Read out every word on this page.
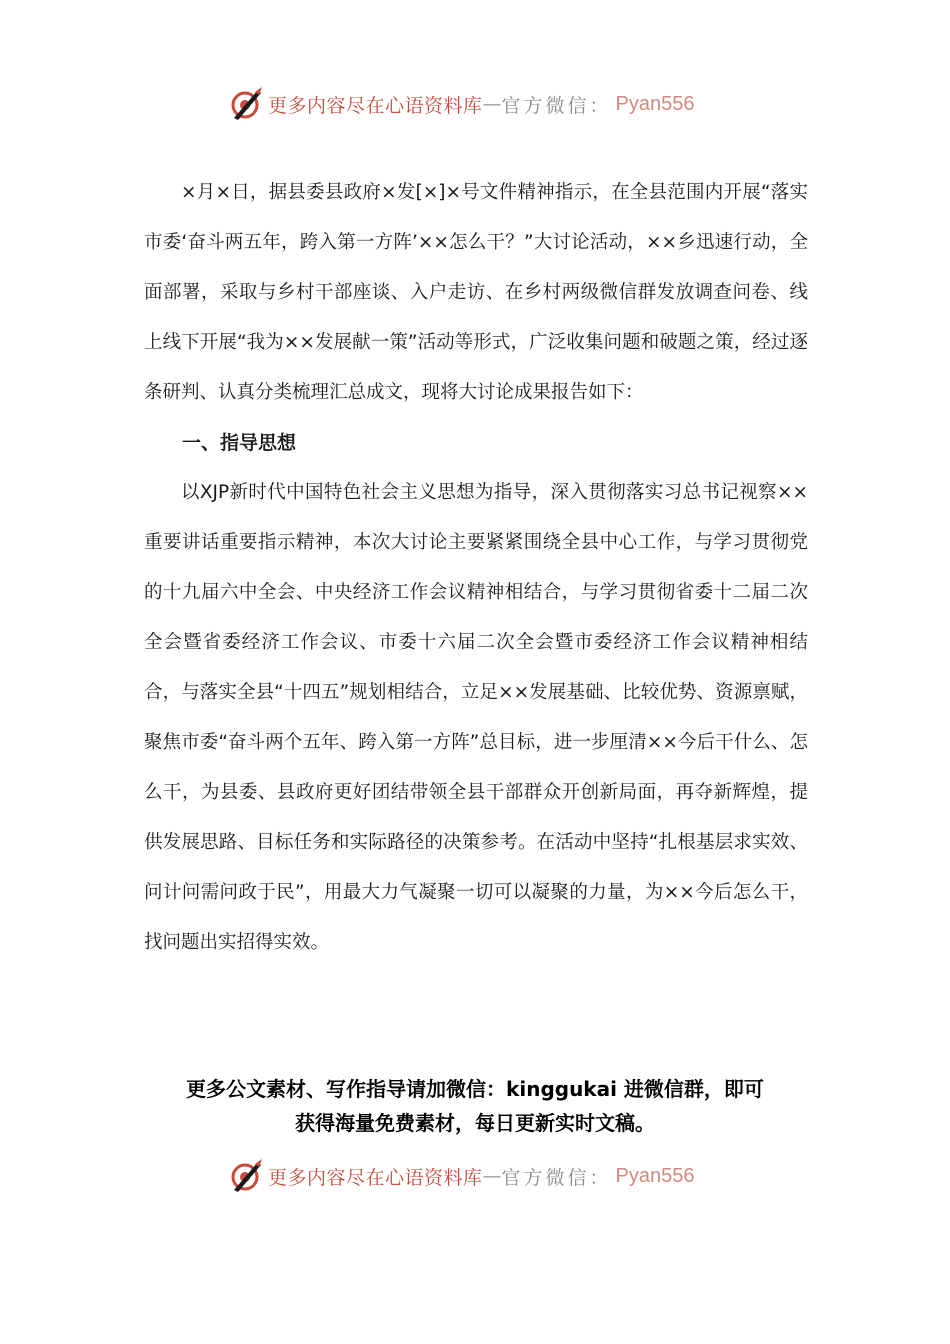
更多内容尽在心语资料库 — 官方微信： Pyan556

×月×日，据县委县政府×发[×]×号文件精神指示，在全县范围内开展“落实市委‘奋斗两五年，跨入第一方阵’××怎么干？”大讨论活动，××乡迅速行动，全面部署，采取与乡村干部座谈、入户走访、在乡村两级微信群发放调查问卷、线上线下开展“我为××发展献一策”活动等形式，广泛收集问题和破题之策，经过逐条研判、认真分类梳理汇总成文，现将大讨论成果报告如下：

一、指导思想

以XJP新时代中国特色社会主义思想为指导，深入贯彻落实习总书记视察××重要讲话重要指示精神，本次大讨论主要紧紧围绕全县中心工作，与学习贯彻党的十九届六中全会、中央经济工作会议精神相结合，与学习贯彻省委十二届二次全会暨省委经济工作会议、市委十六届二次全会暨市委经济工作会议精神相结合，与落实全县“十四五”规划相结合，立足××发展基础、比较优势、资源禀赋，聚焦市委“奋斗两个五年、跨入第一方阵”总目标，进一步厘清××今后干什么、怎么干，为县委、县政府更好团结带领全县干部群众开创新局面，再夺新辉煌，提供发展思路、目标任务和实际路径的决策参考。在活动中坚持“扎根基层求实效、问计问需问政于民”，用最大力气凝聚一切可以凝聚的力量，为××今后怎么干，找问题出实招得实效。

更多公文素材、写作指导请加微信：kinggukai 进微信群，即可
获得海量免费素材，每日更新实时文稿。
更多内容尽在心语资料库 — 官方微信： Pyan556
